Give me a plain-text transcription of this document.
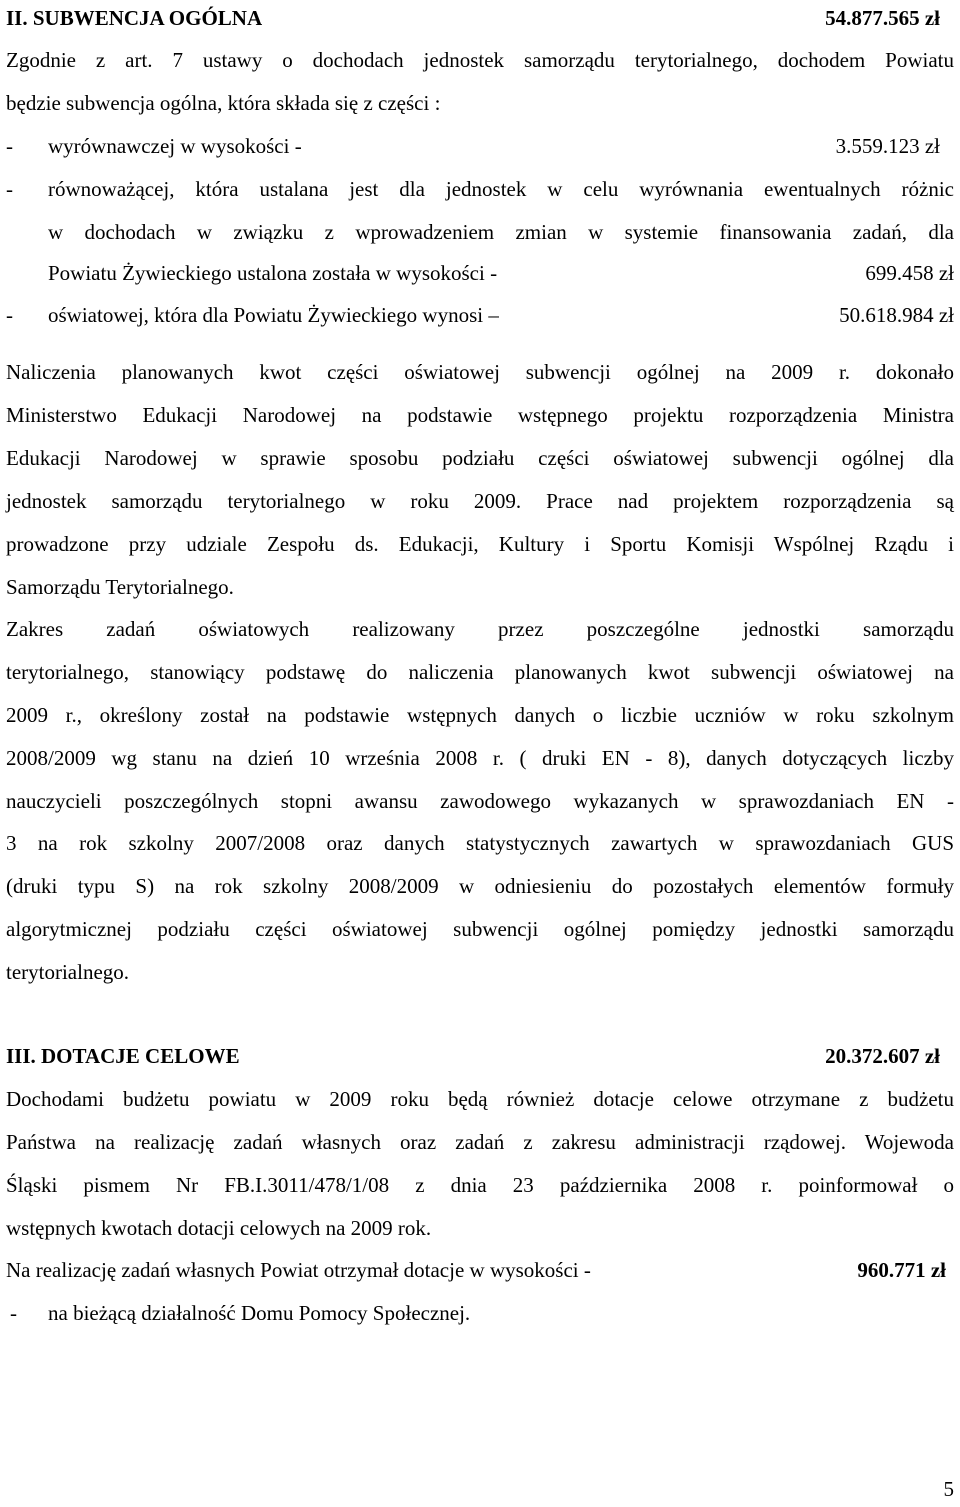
II. SUBWENCJA OGÓLNA	54.877.565 zł
Zgodnie z art. 7 ustawy o dochodach jednostek samorządu terytorialnego, dochodem Powiatu
będzie subwencja ogólna, która składa się z części :
- wyrównawczej w wysokości -	3.559.123 zł
- równoważącej, która ustalana jest dla jednostek w celu wyrównania ewentualnych różnic
w dochodach w związku z wprowadzeniem zmian w systemie finansowania zadań, dla
Powiatu Żywieckiego ustalona została w wysokości -	699.458 zł
- oświatowej, która dla Powiatu Żywieckiego wynosi –	50.618.984 zł
Naliczenia planowanych kwot części oświatowej subwencji ogólnej na 2009 r. dokonało
Ministerstwo Edukacji Narodowej na podstawie wstępnego projektu rozporządzenia Ministra
Edukacji Narodowej w sprawie sposobu podziału części oświatowej subwencji ogólnej dla
jednostek samorządu terytorialnego w roku 2009. Prace nad projektem rozporządzenia są
prowadzone przy udziale Zespołu ds. Edukacji, Kultury i Sportu Komisji Wspólnej Rządu i
Samorządu Terytorialnego.
Zakres zadań oświatowych realizowany przez poszczególne jednostki samorządu
terytorialnego, stanowiący podstawę do naliczenia planowanych kwot subwencji oświatowej na
2009 r., określony został na podstawie wstępnych danych o liczbie uczniów w roku szkolnym
2008/2009 wg stanu na dzień 10 września 2008 r. ( druki EN - 8), danych dotyczących liczby
nauczycieli poszczególnych stopni awansu zawodowego wykazanych w sprawozdaniach EN -
3 na rok szkolny 2007/2008 oraz danych statystycznych zawartych w sprawozdaniach GUS
(druki typu S) na rok szkolny 2008/2009 w odniesieniu do pozostałych elementów formuły
algorytmicznej podziału części oświatowej subwencji ogólnej pomiędzy jednostki samorządu
terytorialnego.
III. DOTACJE CELOWE	20.372.607 zł
Dochodami budżetu powiatu w 2009 roku będą również dotacje celowe otrzymane z budżetu
Państwa na realizację zadań własnych oraz zadań z zakresu administracji rządowej. Wojewoda
Śląski pismem Nr FB.I.3011/478/1/08 z dnia 23 października 2008 r. poinformował o
wstępnych kwotach dotacji celowych na 2009 rok.
Na realizację zadań własnych Powiat otrzymał dotacje w wysokości -	960.771 zł
- na bieżącą działalność Domu Pomocy Społecznej.
5
